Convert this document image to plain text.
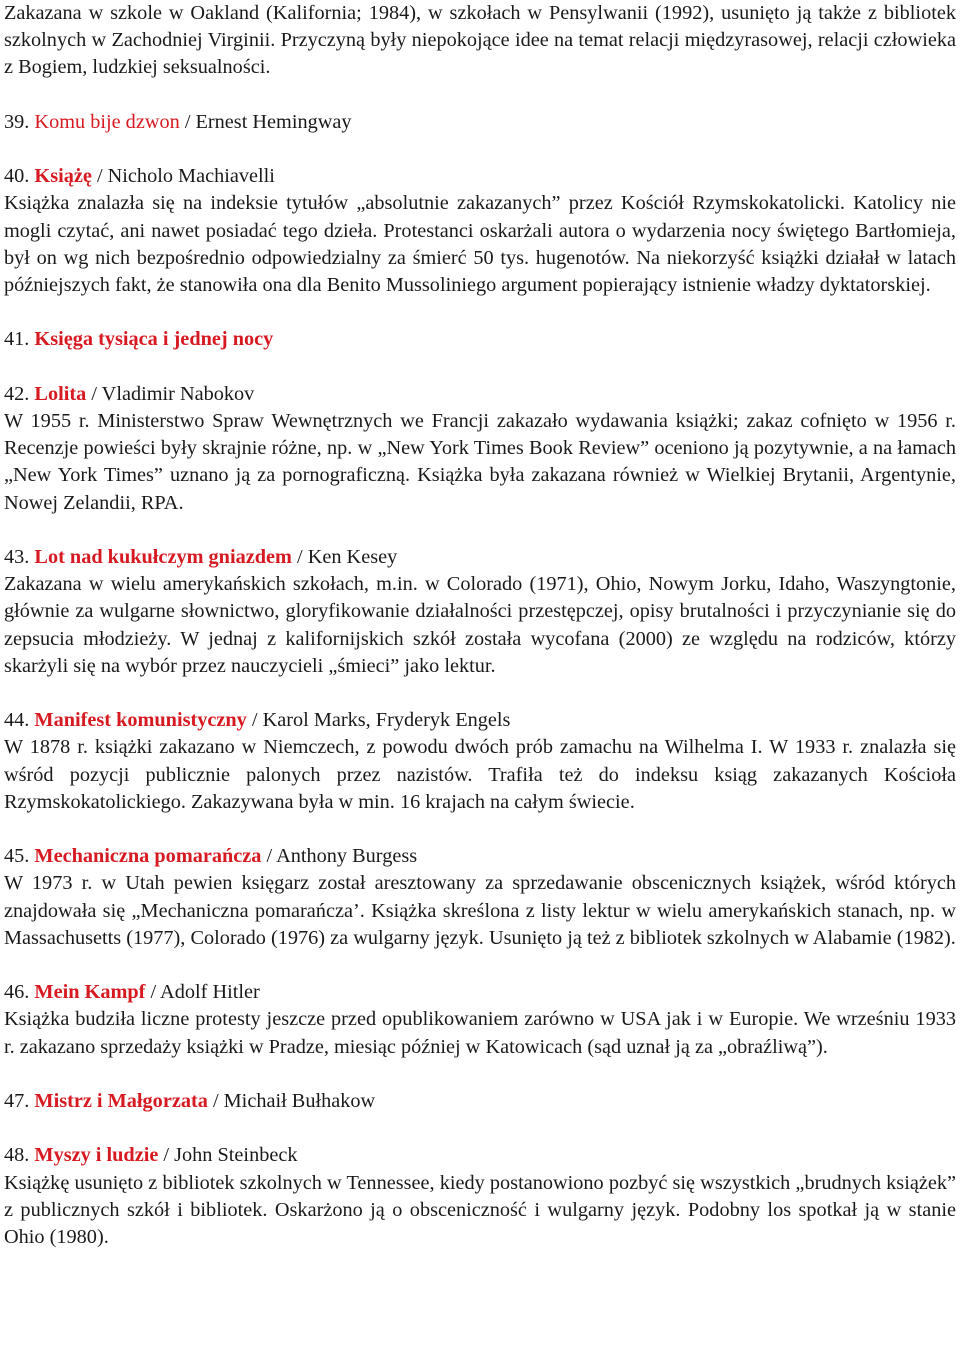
Zakazana w szkole w Oakland (Kalifornia; 1984), w szkołach w Pensylwanii (1992), usunięto ją także z bibliotek szkolnych w Zachodniej Virginii. Przyczyną były niepokojące idee na temat relacji międzyrasowej, relacji człowieka z Bogiem, ludzkiej seksualności.

39. Komu bije dzwon / Ernest Hemingway

40. Książę / Nicholo Machiavelli

Książka znalazła się na indeksie tytułów „absolutnie zakazanych” przez Kościół Rzymskokatolicki. Katolicy nie mogli czytać, ani nawet posiadać tego dzieła. Protestanci oskarżali autora o wydarzenia nocy świętego Bartłomieja, był on wg nich bezpośrednio odpowiedzialny za śmierć 50 tys. hugenotów. Na niekorzyść książki działał w latach późniejszych fakt, że stanowiła ona dla Benito Mussoliniego argument popierający istnienie władzy dyktatorskiej.

41. Księga tysiąca i jednej nocy

42. Lolita / Vladimir Nabokov

W 1955 r. Ministerstwo Spraw Wewnętrznych we Francji zakazało wydawania książki; zakaz cofnięto w 1956 r. Recenzje powieści były skrajnie różne, np. w „New York Times Book Review” oceniono ją pozytywnie, a na łamach „New York Times” uznano ją za pornograficzną. Książka była zakazana również w Wielkiej Brytanii, Argentynie, Nowej Zelandii, RPA.

43. Lot nad kukułczym gniazdem / Ken Kesey

Zakazana w wielu amerykańskich szkołach, m.in. w Colorado (1971), Ohio, Nowym Jorku, Idaho, Waszyngtonie, głównie za wulgarne słownictwo, gloryfikowanie działalności przestępczej, opisy brutalności i przyczynianie się do zepsucia młodzieży. W jednaj z kalifornijskich szkół została wycofana (2000) ze względu na rodziców, którzy skarżyli się na wybór przez nauczycieli „śmieci” jako lektur.

44. Manifest komunistyczny / Karol Marks, Fryderyk Engels

W 1878 r. książki zakazano w Niemczech, z powodu dwóch prób zamachu na Wilhelma I. W 1933 r. znalazła się wśród pozycji publicznie palonych przez nazistów. Trafiła też do indeksu ksiąg zakazanych Kościoła Rzymskokatolickiego. Zakazywana była w min. 16 krajach na całym świecie.

45. Mechaniczna pomarańcza / Anthony Burgess

W 1973 r. w Utah pewien księgarz został aresztowany za sprzedawanie obscenicznych książek, wśród których znajdowała się „Mechaniczna pomarańcza’. Książka skreślona z listy lektur w wielu amerykańskich stanach, np. w Massachusetts (1977), Colorado (1976) za wulgarny język. Usunięto ją też z bibliotek szkolnych w Alabamie (1982).

46. Mein Kampf / Adolf Hitler

Książka budziła liczne protesty jeszcze przed opublikowaniem zarówno w USA jak i w Europie. We wrześniu 1933 r. zakazano sprzedaży książki w Pradze, miesiąc później w Katowicach (sąd uznał ją za „obraźliwą”).

47. Mistrz i Małgorzata / Michaił Bułhakow

48. Myszy i ludzie / John Steinbeck

Książkę usunięto z bibliotek szkolnych w Tennessee, kiedy postanowiono pozbyć się wszystkich „brudnych książek” z publicznych szkół i bibliotek. Oskarżono ją o obsceniczność i wulgarny język. Podobny los spotkał ją w stanie Ohio (1980).
